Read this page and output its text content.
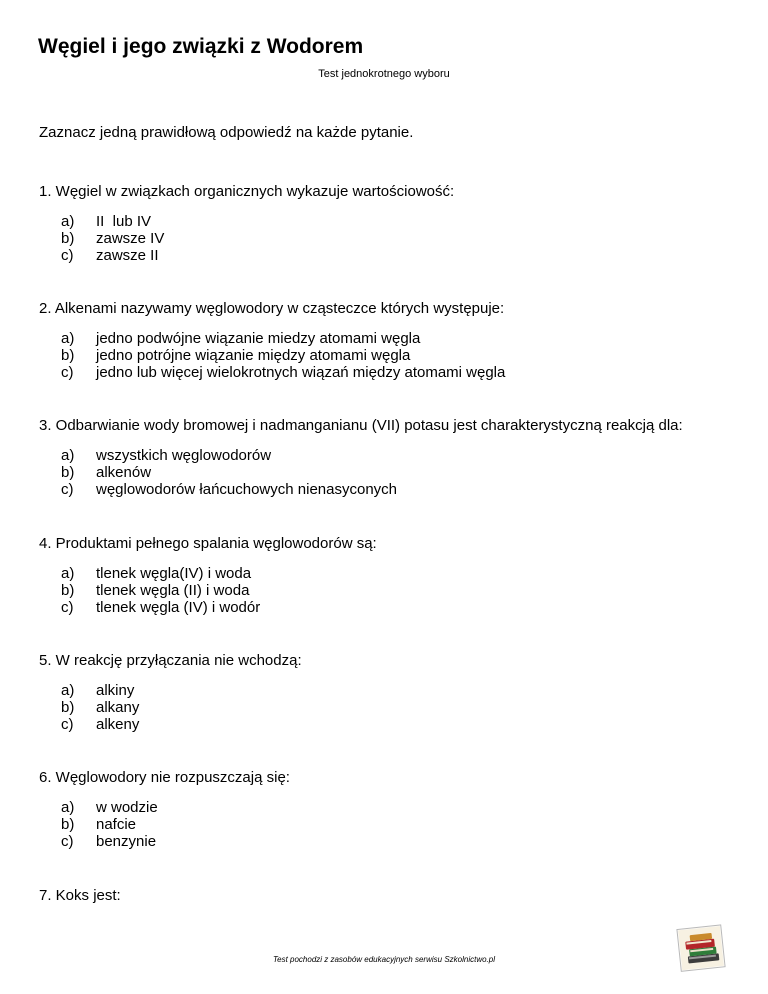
Węgiel i jego związki z Wodorem
Test jednokrotnego wyboru
Zaznacz jedną prawidłową odpowiedź na każde pytanie.
1. Węgiel w związkach organicznych wykazuje wartościowość:
a) II  lub IV
b) zawsze IV
c) zawsze II
2. Alkenami nazywamy węglowodory w cząsteczce których występuje:
a) jedno podwójne wiązanie miedzy atomami węgla
b) jedno potrójne wiązanie między atomami węgla
c) jedno lub więcej wielokrotnych wiązań między atomami węgla
3. Odbarwianie wody bromowej i nadmanganianu (VII) potasu jest charakterystyczną reakcją dla:
a) wszystkich węglowodorów
b) alkenów
c) węglowodorów łańcuchowych nienasyconych
4. Produktami pełnego spalania węglowodorów są:
a) tlenek węgla(IV) i woda
b) tlenek węgla (II) i woda
c) tlenek węgla (IV) i wodór
5. W reakcję przyłączania nie wchodzą:
a) alkiny
b) alkany
c) alkeny
6. Węglowodory nie rozpuszczają się:
a) w wodzie
b) nafcie
c) benzynie
7. Koks jest:
Test pochodzi z zasobów edukacyjnych serwisu Szkolnictwo.pl
